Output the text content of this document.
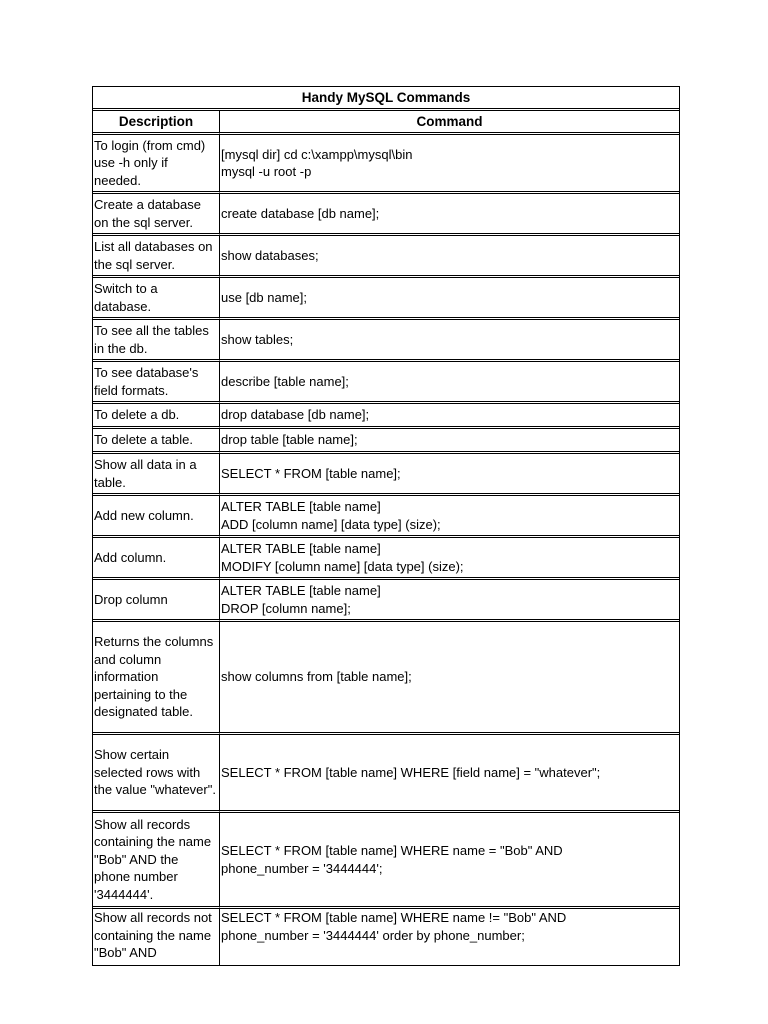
Handy MySQL Commands	
Description	Command

To login (from cmd) use -h only if needed.	[mysql dir] cd c:\xampp\mysql\bin
mysql -u root -p

Create a database on the sql server.	create database [db name];

List all databases on the sql server.	show databases;

Switch to a database.	use [db name];

To see all the tables in the db.	show tables;

To see database's field formats.	describe [table name];

To delete a db.	drop database [db name];

To delete a table.	drop table [table name];

Show all data in a table.	SELECT * FROM [table name];

Add new column.	ALTER TABLE [table name]
ADD [column name] [data type] (size);

Add column.	ALTER TABLE [table name]
MODIFY [column name] [data type] (size);

Drop column	ALTER TABLE [table name]
DROP [column name];

Returns the columns and column information pertaining to the designated table.	show columns from [table name];

Show certain selected rows with the value "whatever".	SELECT * FROM [table name] WHERE [field name] = "whatever";

Show all records containing the name "Bob" AND the phone number '3444444'.	SELECT * FROM [table name] WHERE name = "Bob" AND
phone_number = '3444444';

Show all records not containing the name "Bob" AND	SELECT * FROM [table name] WHERE name != "Bob" AND
phone_number = '3444444' order by phone_number;
